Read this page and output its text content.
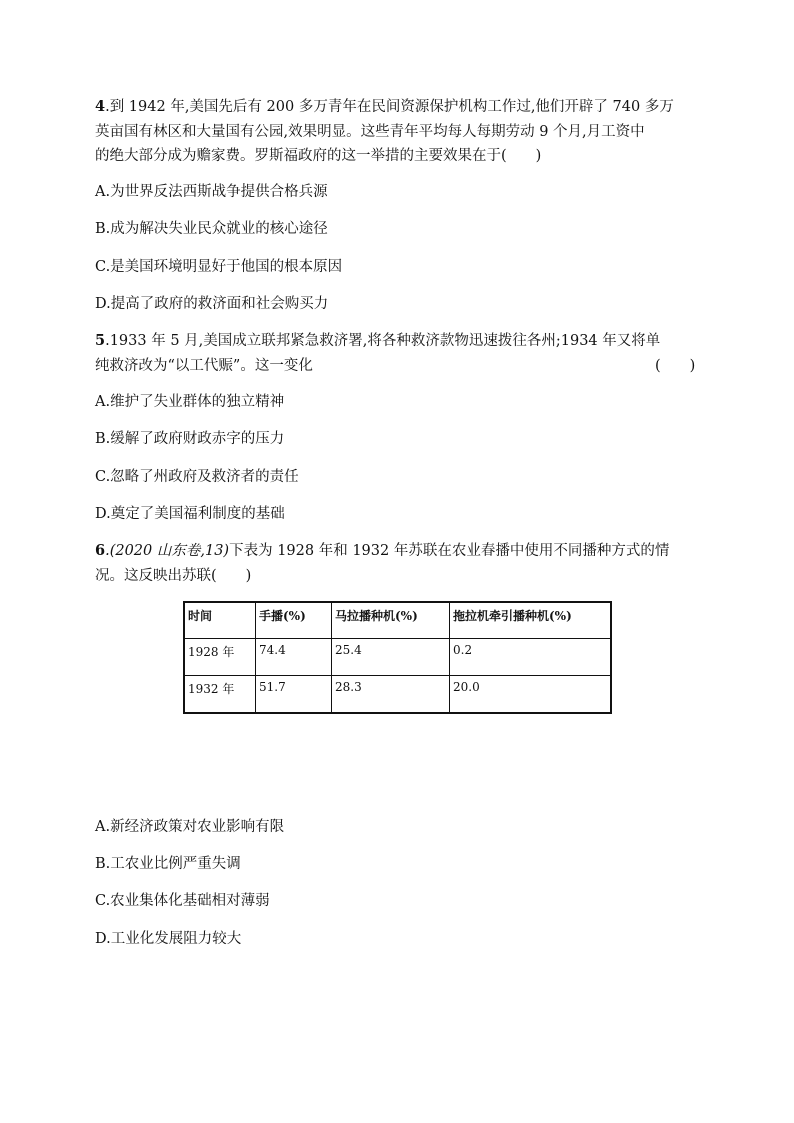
4.到 1942 年,美国先后有 200 多万青年在民间资源保护机构工作过,他们开辟了 740 多万
英亩国有林区和大量国有公园,效果明显。这些青年平均每人每期劳动 9 个月,月工资中
的绝大部分成为赡家费。罗斯福政府的这一举措的主要效果在于(　　)
A.为世界反法西斯战争提供合格兵源
B.成为解决失业民众就业的核心途径
C.是美国环境明显好于他国的根本原因
D.提高了政府的救济面和社会购买力
5.1933 年 5 月,美国成立联邦紧急救济署,将各种救济款物迅速拨往各州;1934 年又将单
纯救济改为“以工代赈”。这一变化	(　　)
A.维护了失业群体的独立精神
B.缓解了政府财政赤字的压力
C.忽略了州政府及救济者的责任
D.奠定了美国福利制度的基础
6.(2020 山东卷,13)下表为 1928 年和 1932 年苏联在农业春播中使用不同播种方式的情
况。这反映出苏联(　　)
时间	手播(%)	马拉播种机(%)	拖拉机牵引播种机(%)
1928 年	74.4	25.4	0.2
1932 年	51.7	28.3	20.0
A.新经济政策对农业影响有限
B.工农业比例严重失调
C.农业集体化基础相对薄弱
D.工业化发展阻力较大
